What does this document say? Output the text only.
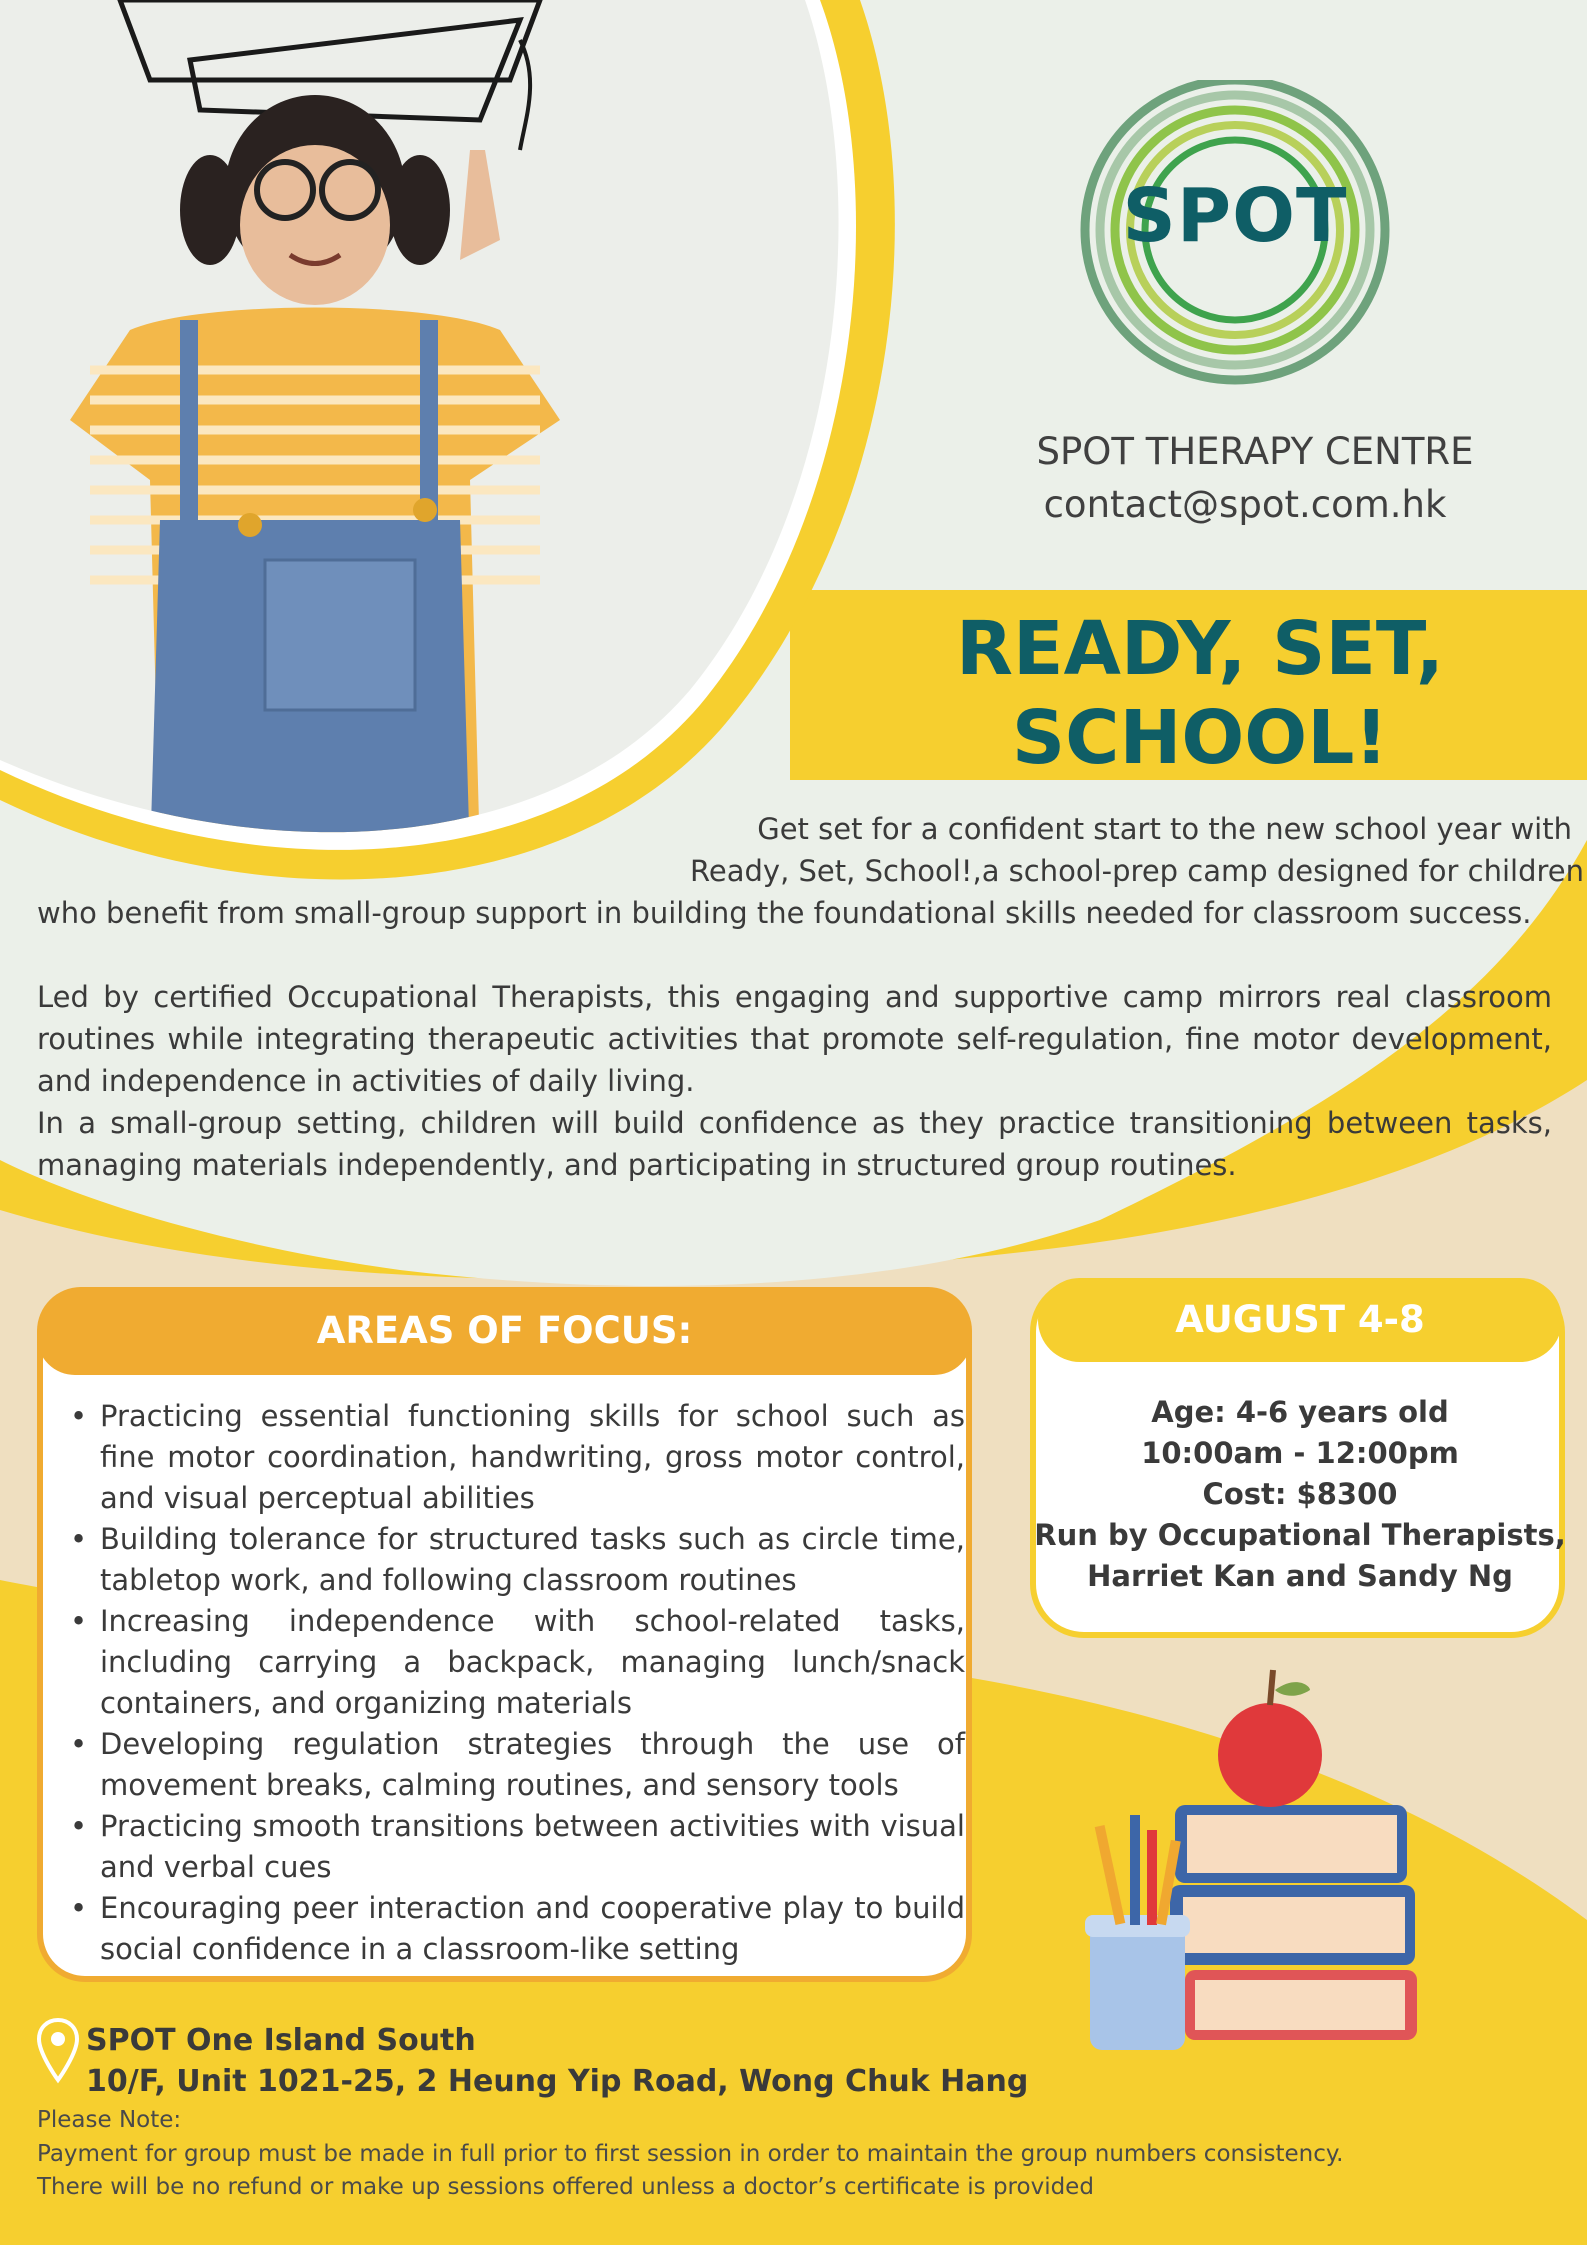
SPOT
SPOT THERAPY CENTRE
contact@spot.com.hk
READY, SET,
SCHOOL!
Get set for a confident start to the new school year with
Ready, Set, School!,a school-prep camp designed for children
who benefit from small-group support in building the foundational skills needed for classroom success.
Led by certified Occupational Therapists, this engaging and supportive camp mirrors real classroom routines while integrating therapeutic activities that promote self-regulation, fine motor development, and independence in activities of daily living.
In a small-group setting, children will build confidence as they practice transitioning between tasks, managing materials independently, and participating in structured group routines.
AREAS OF FOCUS:
• Practicing essential functioning skills for school such as fine motor coordination, handwriting, gross motor control, and visual perceptual abilities
• Building tolerance for structured tasks such as circle time, tabletop work, and following classroom routines
• Increasing independence with school-related tasks, including carrying a backpack, managing lunch/snack containers, and organizing materials
• Developing regulation strategies through the use of movement breaks, calming routines, and sensory tools
• Practicing smooth transitions between activities with visual and verbal cues
• Encouraging peer interaction and cooperative play to build social confidence in a classroom-like setting
AUGUST 4-8
Age: 4-6 years old
10:00am - 12:00pm
Cost: $8300
Run by Occupational Therapists,
Harriet Kan and Sandy Ng
SPOT One Island South
10/F, Unit 1021-25, 2 Heung Yip Road, Wong Chuk Hang
Please Note:
Payment for group must be made in full prior to first session in order to maintain the group numbers consistency.
There will be no refund or make up sessions offered unless a doctor’s certificate is provided
